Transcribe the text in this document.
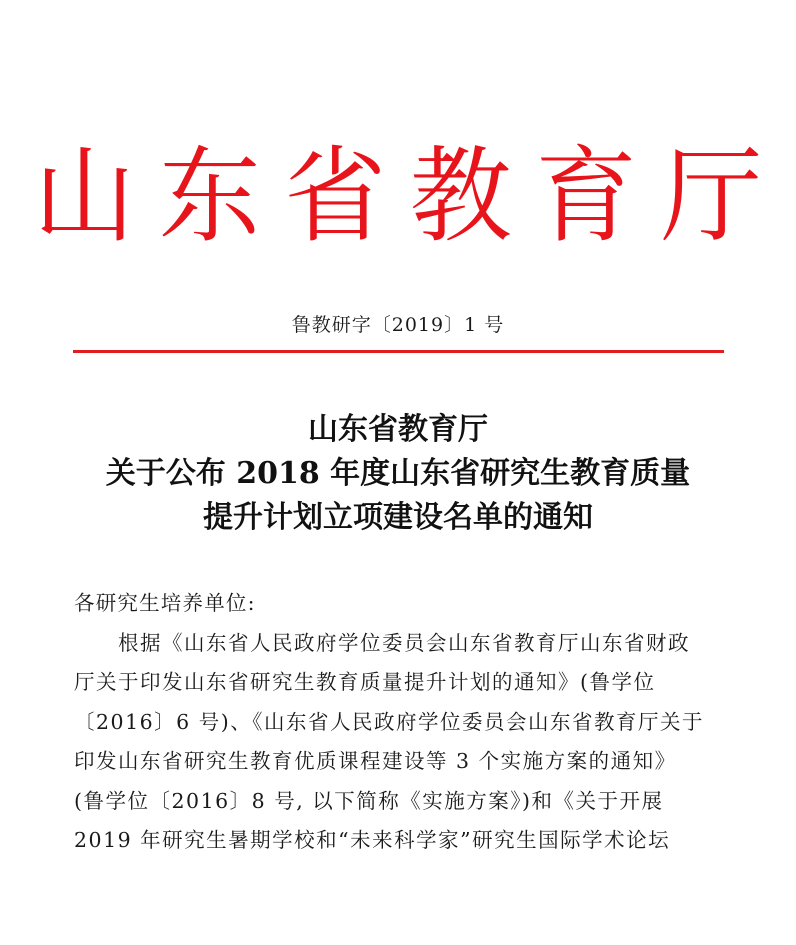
山东省教育厅
鲁教研字〔2019〕1 号
山东省教育厅
关于公布 2018 年度山东省研究生教育质量
提升计划立项建设名单的通知
各研究生培养单位:
　　根据《山东省人民政府学位委员会山东省教育厅山东省财政
厅关于印发山东省研究生教育质量提升计划的通知》(鲁学位
〔2016〕6 号)、《山东省人民政府学位委员会山东省教育厅关于
印发山东省研究生教育优质课程建设等 3 个实施方案的通知》
(鲁学位〔2016〕8 号, 以下简称《实施方案》)和《关于开展
2019 年研究生暑期学校和“未来科学家”研究生国际学术论坛
